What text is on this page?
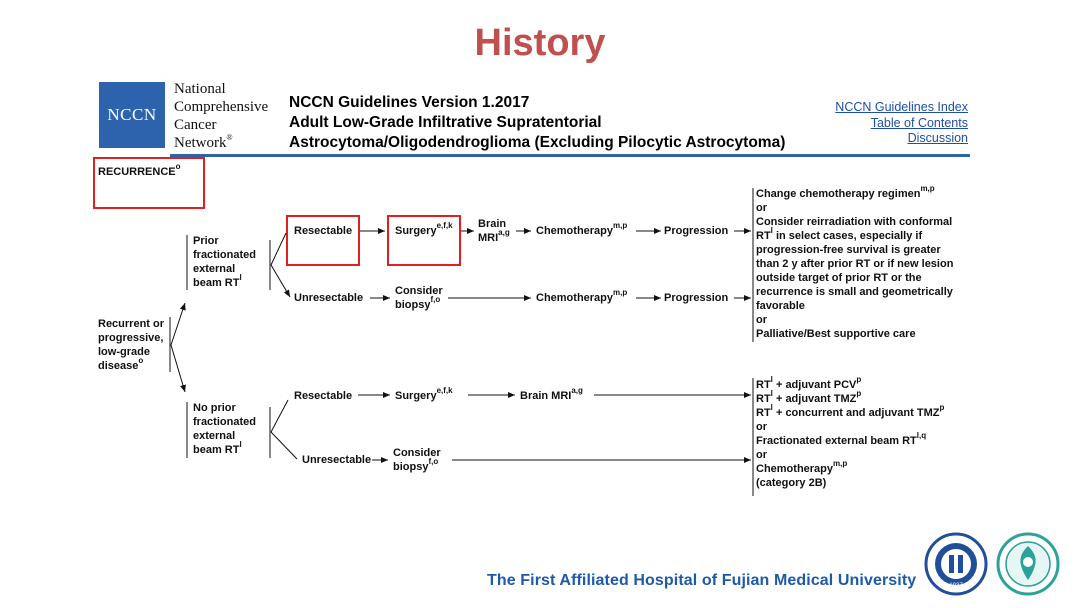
History
NCCN
National
Comprehensive
Cancer
Network®
NCCN Guidelines Version 1.2017
Adult Low-Grade Infiltrative Supratentorial
Astrocytoma/Oligodendroglioma (Excluding Pilocytic Astrocytoma)
NCCN Guidelines Index
Table of Contents
Discussion
RECURRENCE$^o$
Recurrent or
progressive,
low-grade
disease$^o$
Prior
fractionated
external
beam $RT^l$
Resectable	Surgery$^{e,f,k}$ Brain
MRI$^{a,g}$ Chemotherapy$^{m,p}$	Progression
Unresectable
Consider
biopsy$^{f,o}$	Chemotherapy$^{m,p}$	Progression
Change chemotherapy regimen$^{m,p}$
or
Consider reirradiation with conformal
$RT^l$ in select cases, especially if
progression-free survival is greater
than 2 y after prior RT or if new lesion
outside target of prior RT or the
recurrence is small and geometrically
favorable
or
Palliative/Best supportive care
No prior
fractionated
external
beam $RT^l$
Resectable	Surgery$^{e,f,k}$	Brain MRI$^{a,g}$
Unresectable
Consider
biopsy$^{f,o}$
$RT^l$ + adjuvant PCV$^p$
$RT^l$ + adjuvant TMZ$^p$
$RT^l$ + concurrent and adjuvant TMZ$^p$
or
Fractionated external beam RT$^{l,q}$
or
Chemotherapy$^{m,p}$
(category 2B)
The First Affiliated Hospital of Fujian Medical University	1937
